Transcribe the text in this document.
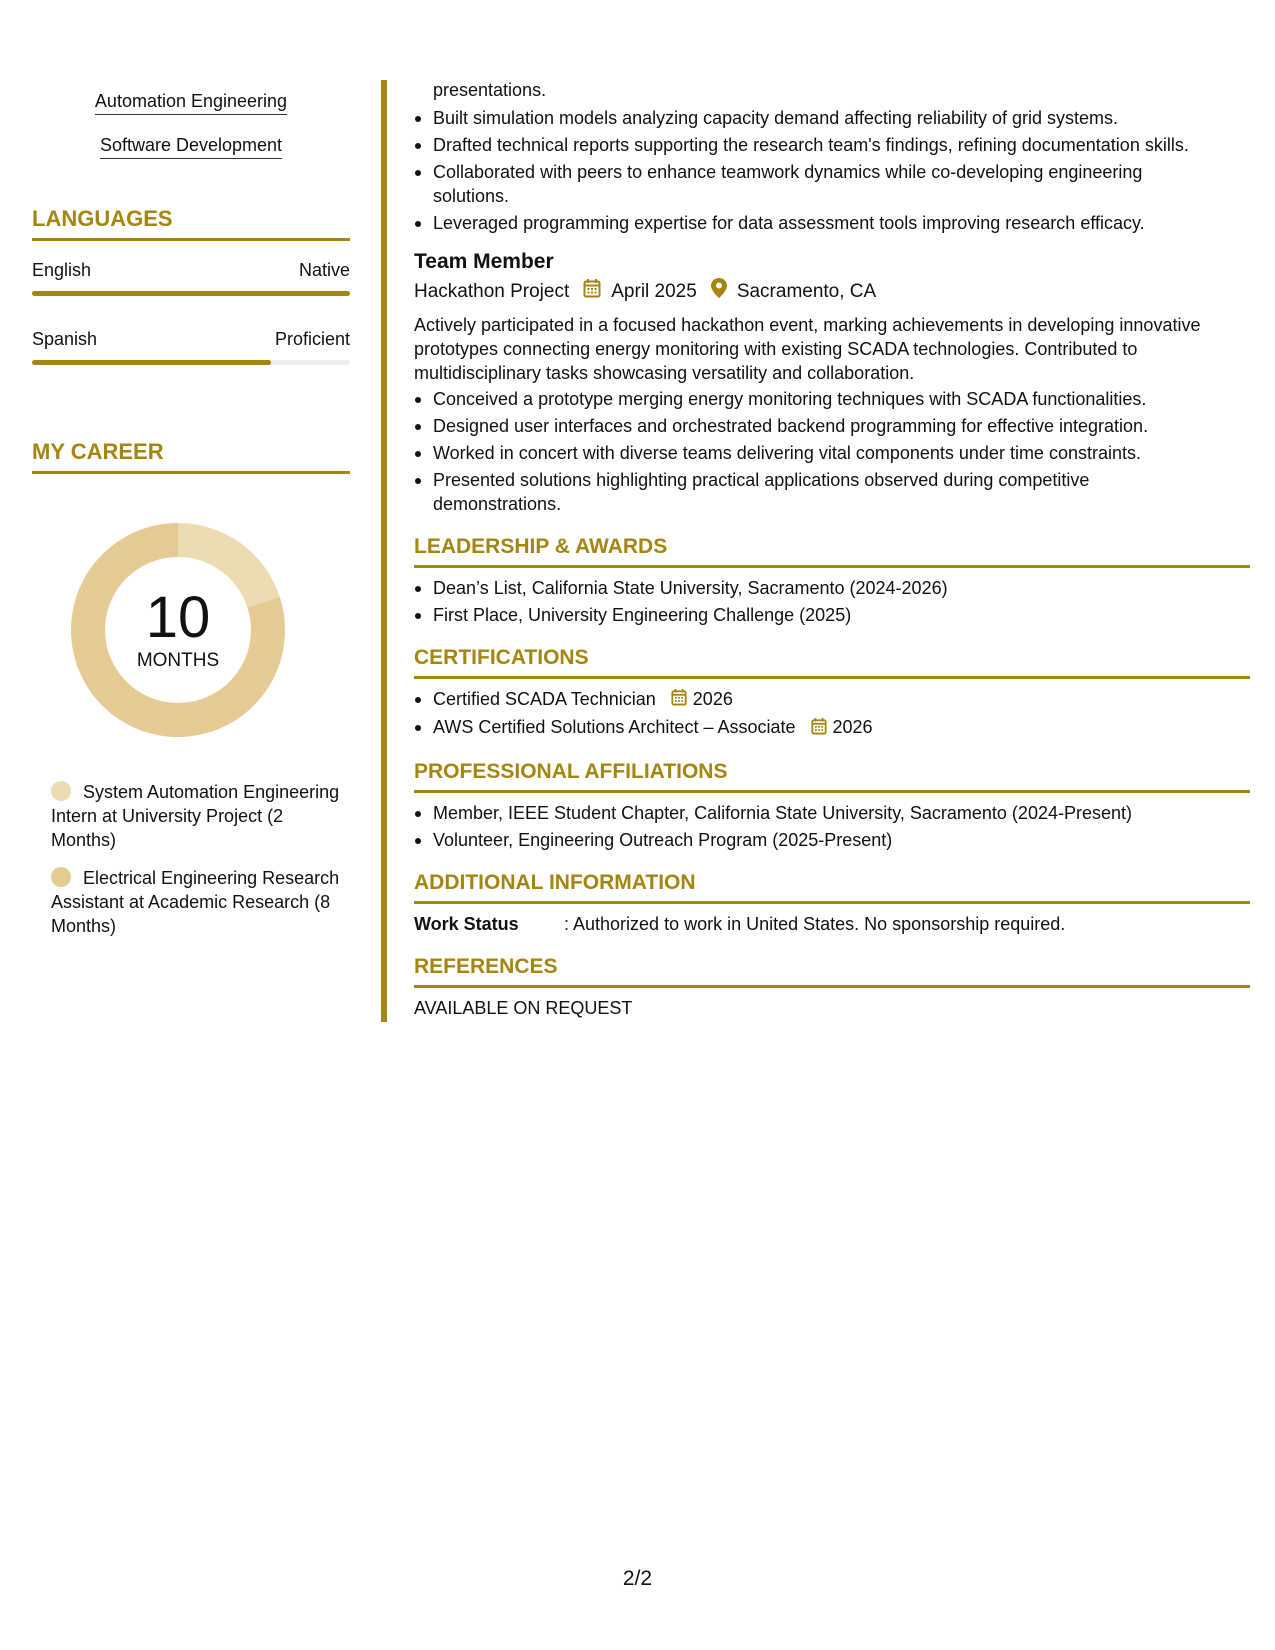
Automation Engineering
Software Development
LANGUAGES
English	Native
Spanish	Proficient
MY CAREER
10
MONTHS
System Automation Engineering Intern at University Project (2 Months)
Electrical Engineering Research Assistant at Academic Research (8 Months)
presentations.
Built simulation models analyzing capacity demand affecting reliability of grid systems.
Drafted technical reports supporting the research team's findings, refining documentation skills.
Collaborated with peers to enhance teamwork dynamics while co-developing engineering
solutions.
Leveraged programming expertise for data assessment tools improving research efficacy.
Team Member
Hackathon Project April 2025 Sacramento, CA
Actively participated in a focused hackathon event, marking achievements in developing innovative prototypes connecting energy monitoring with existing SCADA technologies. Contributed to multidisciplinary tasks showcasing versatility and collaboration.
Conceived a prototype merging energy monitoring techniques with SCADA functionalities.
Designed user interfaces and orchestrated backend programming for effective integration.
Worked in concert with diverse teams delivering vital components under time constraints.
Presented solutions highlighting practical applications observed during competitive
demonstrations.
LEADERSHIP & AWARDS
Dean’s List, California State University, Sacramento (2024-2026)
First Place, University Engineering Challenge (2025)
CERTIFICATIONS
Certified SCADA Technician 2026
AWS Certified Solutions Architect – Associate 2026
PROFESSIONAL AFFILIATIONS
Member, IEEE Student Chapter, California State University, Sacramento (2024-Present)
Volunteer, Engineering Outreach Program (2025-Present)
ADDITIONAL INFORMATION
Work Status	: Authorized to work in United States. No sponsorship required.
REFERENCES
AVAILABLE ON REQUEST
2/2
